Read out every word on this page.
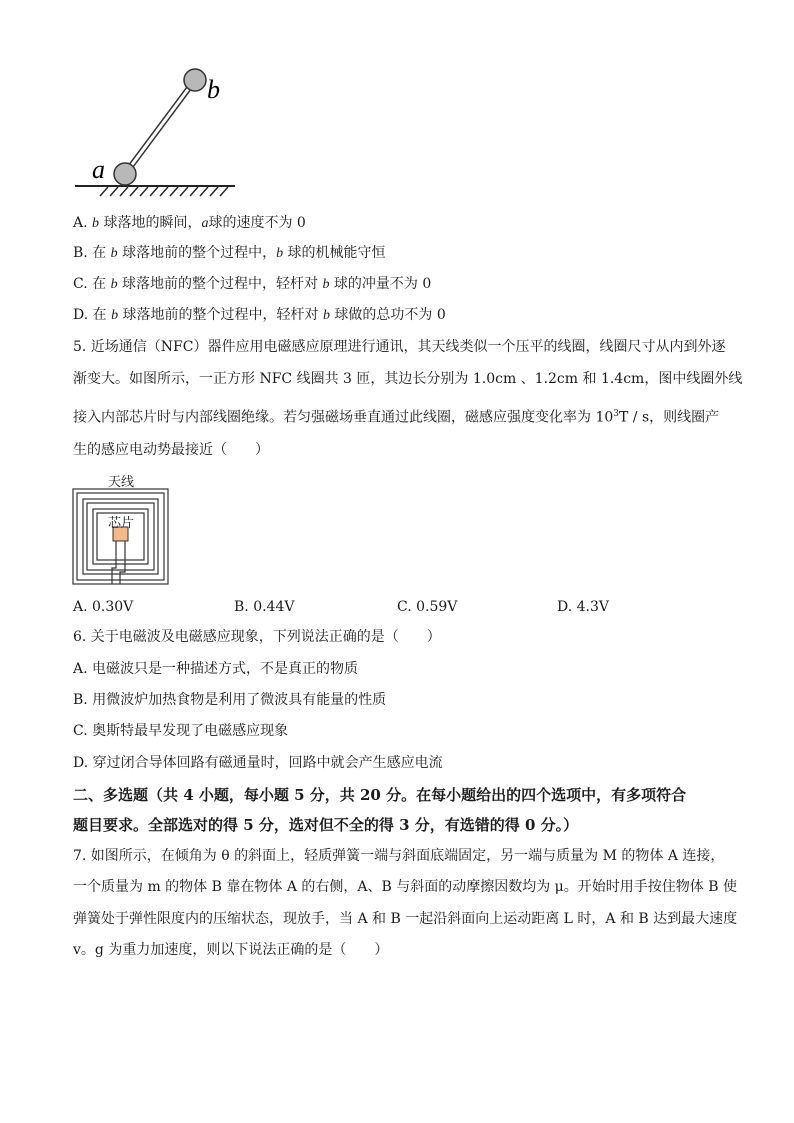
a
b
A. b 球落地的瞬间，a球的速度不为 0
B. 在 b 球落地前的整个过程中，b 球的机械能守恒
C. 在 b 球落地前的整个过程中，轻杆对 b 球的冲量不为 0
D. 在 b 球落地前的整个过程中，轻杆对 b 球做的总功不为 0
5. 近场通信（NFC）器件应用电磁感应原理进行通讯，其天线类似一个压平的线圈，线圈尺寸从内到外逐
渐变大。如图所示，一正方形 NFC 线圈共 3 匝，其边长分别为 1.0cm 、1.2cm 和 1.4cm，图中线圈外线
接入内部芯片时与内部线圈绝缘。若匀强磁场垂直通过此线圈，磁感应强度变化率为 $10^3T$ / s，则线圈产
生的感应电动势最接近（　　）
天线
芯片
A. 0.30V	B. 0.44V	C. 0.59V	D. 4.3V
6. 关于电磁波及电磁感应现象，下列说法正确的是（　　）
A. 电磁波只是一种描述方式，不是真正的物质
B. 用微波炉加热食物是利用了微波具有能量的性质
C. 奥斯特最早发现了电磁感应现象
D. 穿过闭合导体回路有磁通量时，回路中就会产生感应电流
二、多选题（共 4 小题，每小题 5 分，共 20 分。在每小题给出的四个选项中，有多项符合
题目要求。全部选对的得 5 分，选对但不全的得 3 分，有选错的得 0 分。）
7. 如图所示，在倾角为 θ 的斜面上，轻质弹簧一端与斜面底端固定，另一端与质量为 M 的物体 A 连接，
一个质量为 m 的物体 B 靠在物体 A 的右侧，A、B 与斜面的动摩擦因数均为 μ。开始时用手按住物体 B 使
弹簧处于弹性限度内的压缩状态，现放手，当 A 和 B 一起沿斜面向上运动距离 L 时，A 和 B 达到最大速度
v。g 为重力加速度，则以下说法正确的是（　　）
